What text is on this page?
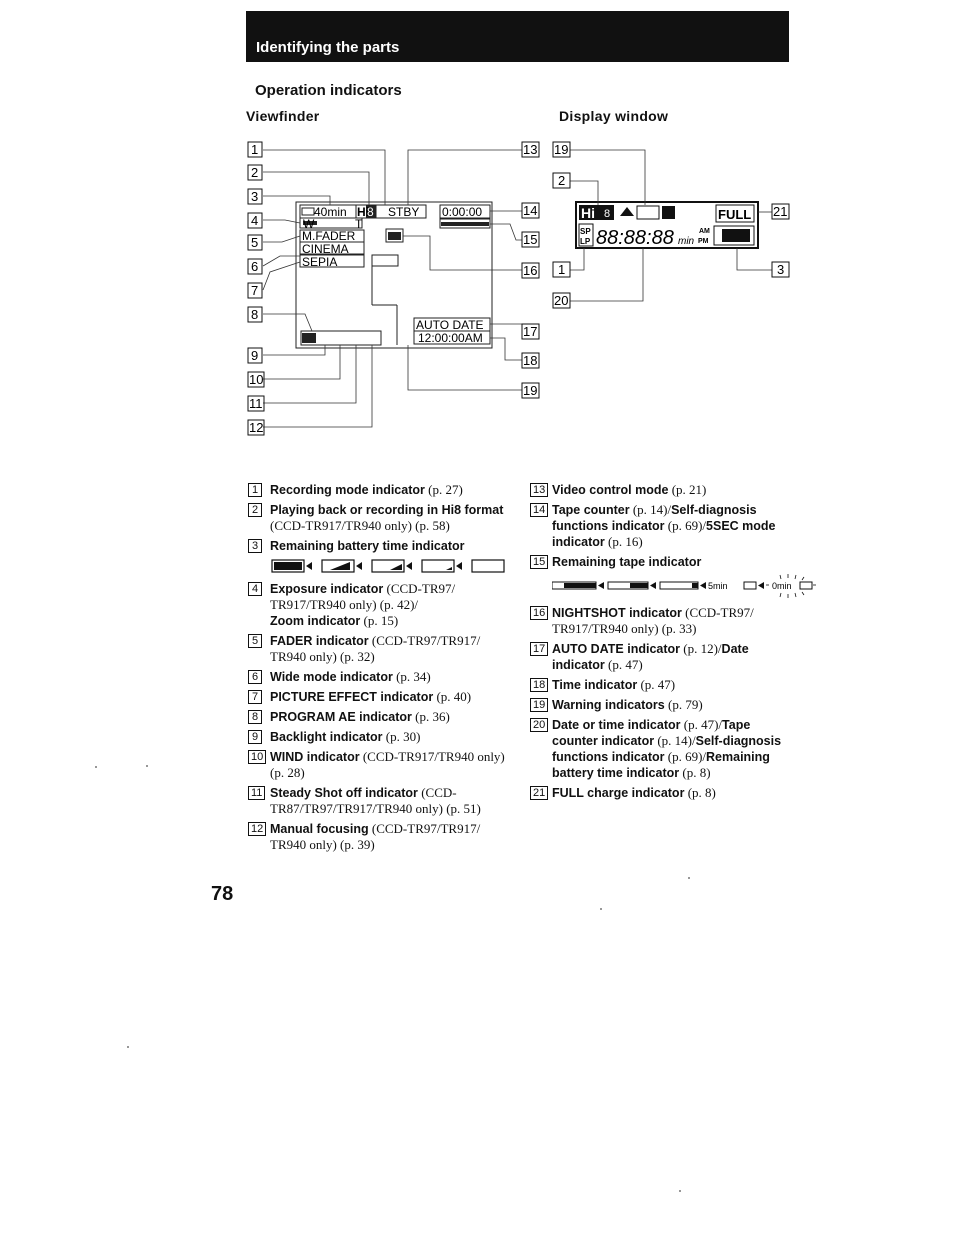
Identifying the parts
Operation indicators
Viewfinder	Display window
40min Hi
8 STBY 0:00:00
W	T
M.FADER
CINEMA
SEPIA
AUTO DATE
12:00:00AM
1
2
3
4
5
6
7
8
9
10
11
12
13
14
15
16
17
18
19
Hi 8	FULL
SP
LP 88:88:88 min
AM
PM
19
2
21
1	3
20
1 Recording mode indicator (p. 27)
2 Playing back or recording in Hi8 format (CCD-TR917/TR940 only) (p. 58)
3 Remaining battery time indicator
4 Exposure indicator (CCD-TR97/ TR917/TR940 only) (p. 42)/
Zoom indicator (p. 15)
5 FADER indicator (CCD-TR97/TR917/ TR940 only) (p. 32)
6 Wide mode indicator (p. 34)
7 PICTURE EFFECT indicator (p. 40)
8 PROGRAM AE indicator (p. 36)
9 Backlight indicator (p. 30)
10 WIND indicator (CCD-TR917/TR940 only) (p. 28)
11 Steady Shot off indicator (CCD-TR87/TR97/TR917/TR940 only) (p. 51)
12 Manual focusing (CCD-TR97/TR917/ TR940 only) (p. 39)
13 Video control mode (p. 21)
14 Tape counter (p. 14)/Self-diagnosis functions indicator (p. 69)/5SEC mode indicator (p. 16)
15 Remaining tape indicator
5min	0min
16 NIGHTSHOT indicator (CCD-TR97/ TR917/TR940 only) (p. 33)
17 AUTO DATE indicator (p. 12)/Date indicator (p. 47)
18 Time indicator (p. 47)
19 Warning indicators (p. 79)
20 Date or time indicator (p. 47)/Tape counter indicator (p. 14)/Self-diagnosis functions indicator (p. 69)/Remaining battery time indicator (p. 8)
21 FULL charge indicator (p. 8)
78
